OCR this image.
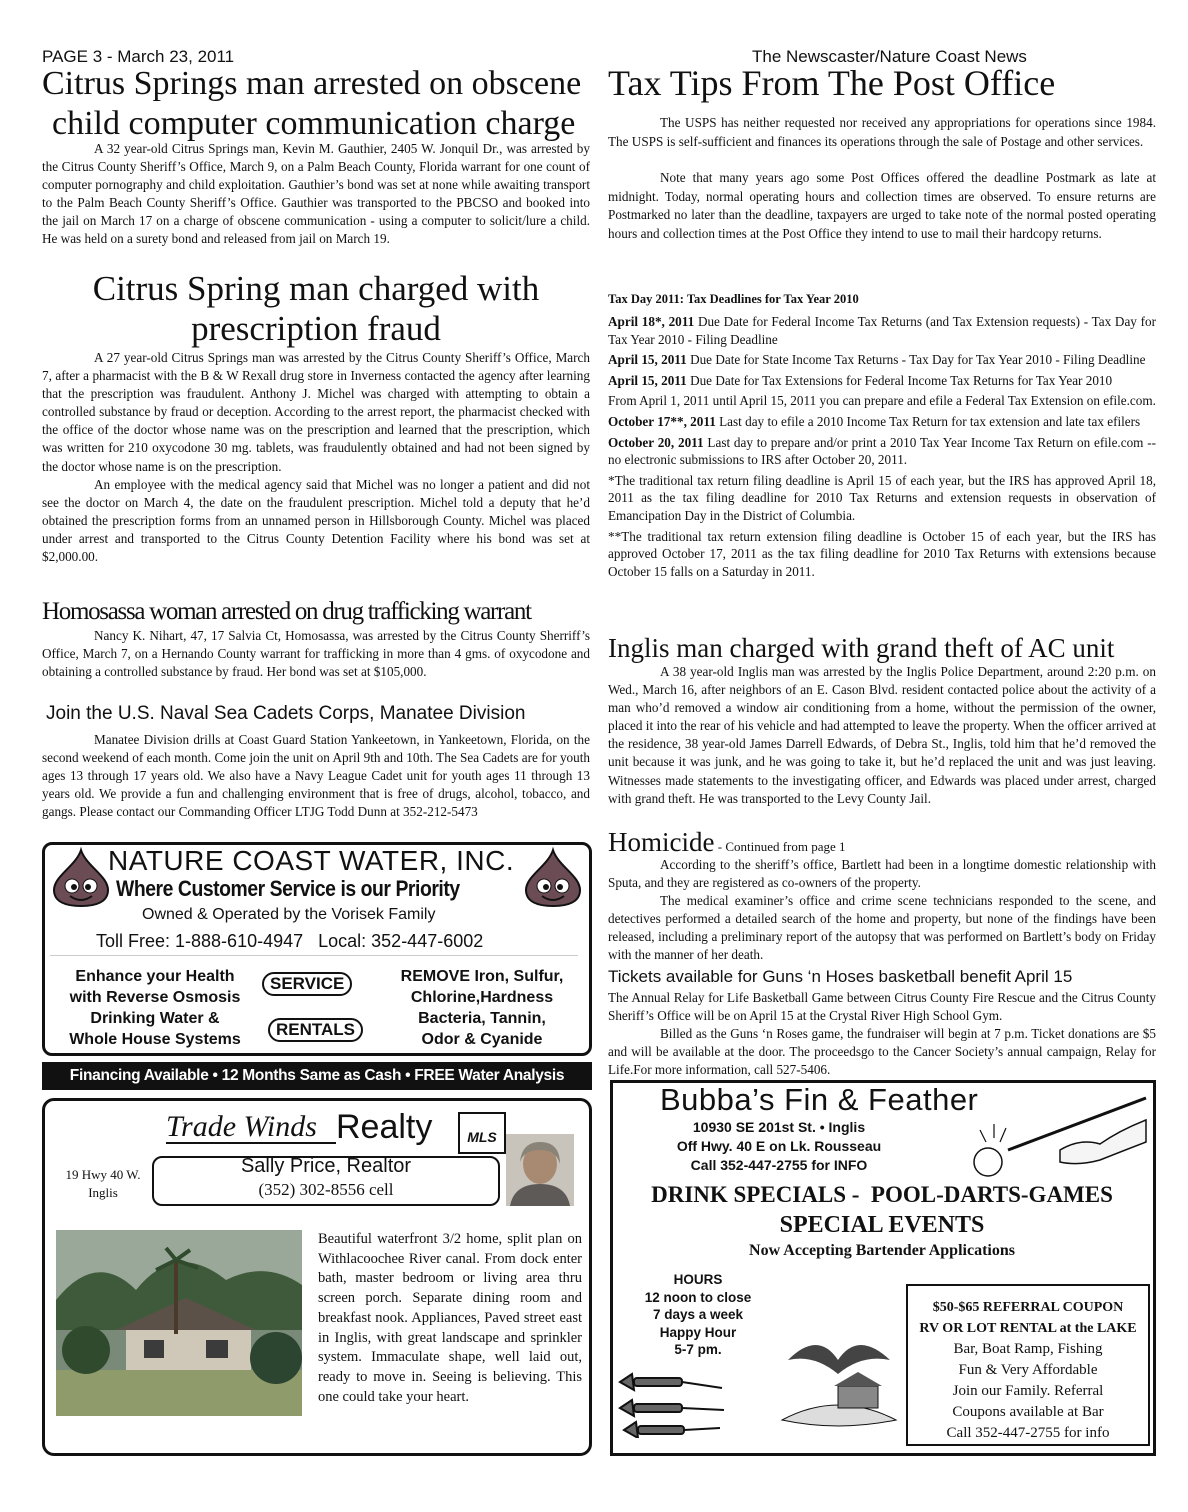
PAGE 3 - March 23, 2011	The Newscaster/Nature Coast News
Citrus Springs man arrested on obscene
child computer communication charge

A 32 year-old Citrus Springs man, Kevin M. Gauthier, 2405 W. Jonquil Dr., was arrested by the Citrus County Sheriff’s Office, March 9, on a Palm Beach County, Florida warrant for one count of computer pornography and child exploitation. Gauthier’s bond was set at none while awaiting transport to the Palm Beach County Sheriff’s Office. Gauthier was transported to the PBCSO and booked into the jail on March 17 on a charge of obscene communication - using a computer to solicit/lure a child. He was held on a surety bond and released from jail on March 19.

Citrus Spring man charged with
prescription fraud

A 27 year-old Citrus Springs man was arrested by the Citrus County Sheriff’s Office, March 7, after a pharmacist with the B & W Rexall drug store in Inverness contacted the agency after learning that the prescription was fraudulent. Anthony J. Michel was charged with attempting to obtain a controlled substance by fraud or deception. According to the arrest report, the pharmacist checked with the office of the doctor whose name was on the prescription and learned that the prescription, which was written for 210 oxycodone 30 mg. tablets, was fraudulently obtained and had not been signed by the doctor whose name is on the prescription.

An employee with the medical agency said that Michel was no longer a patient and did not see the doctor on March 4, the date on the fraudulent prescription. Michel told a deputy that he’d obtained the prescription forms from an unnamed person in Hillsborough County. Michel was placed under arrest and transported to the Citrus County Detention Facility where his bond was set at $2,000.00.

Homosassa woman arrested on drug trafficking warrant

Nancy K. Nihart, 47, 17 Salvia Ct, Homosassa, was arrested by the Citrus County Sherriff’s Office, March 7, on a Hernando County warrant for trafficking in more than 4 gms. of oxycodone and obtaining a controlled substance by fraud. Her bond was set at $105,000.

Join the U.S. Naval Sea Cadets Corps, Manatee Division

Manatee Division drills at Coast Guard Station Yankeetown, in Yankeetown, Florida, on the second weekend of each month. Come join the unit on April 9th and 10th. The Sea Cadets are for youth ages 13 through 17 years old. We also have a Navy League Cadet unit for youth ages 11 through 13 years old. We provide a fun and challenging environment that is free of drugs, alcohol, tobacco, and gangs. Please contact our Commanding Officer LTJG Todd Dunn at 352-212-5473

NATURE COAST WATER, INC.
Where Customer Service is our Priority
Owned & Operated by the Vorisek Family
Toll Free: 1-888-610-4947   Local: 352-447-6002
Enhance your Health
with Reverse Osmosis
Drinking Water &
Whole House Systems
SERVICE
RENTALS
REMOVE Iron, Sulfur,
Chlorine,Hardness
Bacteria, Tannin,
Odor & Cyanide
Financing Available • 12 Months Same as Cash • FREE Water Analysis
Trade Winds Realty	MLS
19 Hwy 40 W.
Inglis
Sally Price, Realtor
(352) 302-8556 cell
Beautiful waterfront 3/2 home, split plan on Withlacoochee River canal. From dock enter bath, master bedroom or living area thru screen porch. Separate dining room and breakfast nook. Appliances, Paved street east in Inglis, with great landscape and sprinkler system. Immaculate shape, well laid out, ready to move in. Seeing is believing. This one could take your heart.
Tax Tips From The Post Office

The USPS has neither requested nor received any appropriations for operations since 1984. The USPS is self-sufficient and finances its operations through the sale of Postage and other services.

Note that many years ago some Post Offices offered the deadline Postmark as late at midnight. Today, normal operating hours and collection times are observed. To ensure returns are Postmarked no later than the deadline, taxpayers are urged to take note of the normal posted operating hours and collection times at the Post Office they intend to use to mail their hardcopy returns.

Tax Day 2011: Tax Deadlines for Tax Year 2010

April 18*, 2011 Due Date for Federal Income Tax Returns (and Tax Extension requests) - Tax Day for Tax Year 2010 - Filing Deadline

April 15, 2011 Due Date for State Income Tax Returns - Tax Day for Tax Year 2010 - Filing Deadline

April 15, 2011 Due Date for Tax Extensions for Federal Income Tax Returns for Tax Year 2010

From April 1, 2011 until April 15, 2011 you can prepare and efile a Federal Tax Extension on efile.com.

October 17**, 2011 Last day to efile a 2010 Income Tax Return for tax extension and late tax efilers

October 20, 2011 Last day to prepare and/or print a 2010 Tax Year Income Tax Return on efile.com -- no electronic submissions to IRS after October 20, 2011.

*The traditional tax return filing deadline is April 15 of each year, but the IRS has approved April 18, 2011 as the tax filing deadline for 2010 Tax Returns and extension requests in observation of Emancipation Day in the District of Columbia.

**The traditional tax return extension filing deadline is October 15 of each year, but the IRS has approved October 17, 2011 as the tax filing deadline for 2010 Tax Returns with extensions because October 15 falls on a Saturday in 2011.

Inglis man charged with grand theft of AC unit

A 38 year-old Inglis man was arrested by the Inglis Police Department, around 2:20 p.m. on Wed., March 16, after neighbors of an E. Cason Blvd. resident contacted police about the activity of a man who’d removed a window air conditioning from a home, without the permission of the owner, placed it into the rear of his vehicle and had attempted to leave the property. When the officer arrived at the residence, 38 year-old James Darrell Edwards, of Debra St., Inglis, told him that he’d removed the unit because it was junk, and he was going to take it, but he’d replaced the unit and was just leaving. Witnesses made statements to the investigating officer, and Edwards was placed under arrest, charged with grand theft. He was transported to the Levy County Jail.

Homicide - Continued from page 1

According to the sheriff’s office, Bartlett had been in a longtime domestic relationship with Sputa, and they are registered as co-owners of the property.

The medical examiner’s office and crime scene technicians responded to the scene, and detectives performed a detailed search of the home and property, but none of the findings have been released, including a preliminary report of the autopsy that was performed on Bartlett’s body on Friday with the manner of her death.

Tickets available for Guns ‘n Hoses basketball benefit April 15

The Annual Relay for Life Basketball Game between Citrus County Fire Rescue and the Citrus County Sheriff’s Office will be on April 15 at the Crystal River High School Gym.

Billed as the Guns ‘n Roses game, the fundraiser will begin at 7 p.m. Ticket donations are $5 and will be available at the door. The proceedsgo to the Cancer Society’s annual campaign, Relay for Life.For more information, call 527-5406.

Bubba’s Fin & Feather
10930 SE 201st St. • Inglis
Off Hwy. 40 E on Lk. Rousseau
Call 352-447-2755 for INFO
DRINK SPECIALS -  POOL-DARTS-GAMES
SPECIAL EVENTS
Now Accepting Bartender Applications
HOURS
12 noon to close
7 days a week
Happy Hour
5-7 pm.
$50-$65 REFERRAL COUPON
RV OR LOT RENTAL at the LAKE
Bar, Boat Ramp, Fishing
Fun & Very Affordable
Join our Family. Referral
Coupons available at Bar
Call 352-447-2755 for info
